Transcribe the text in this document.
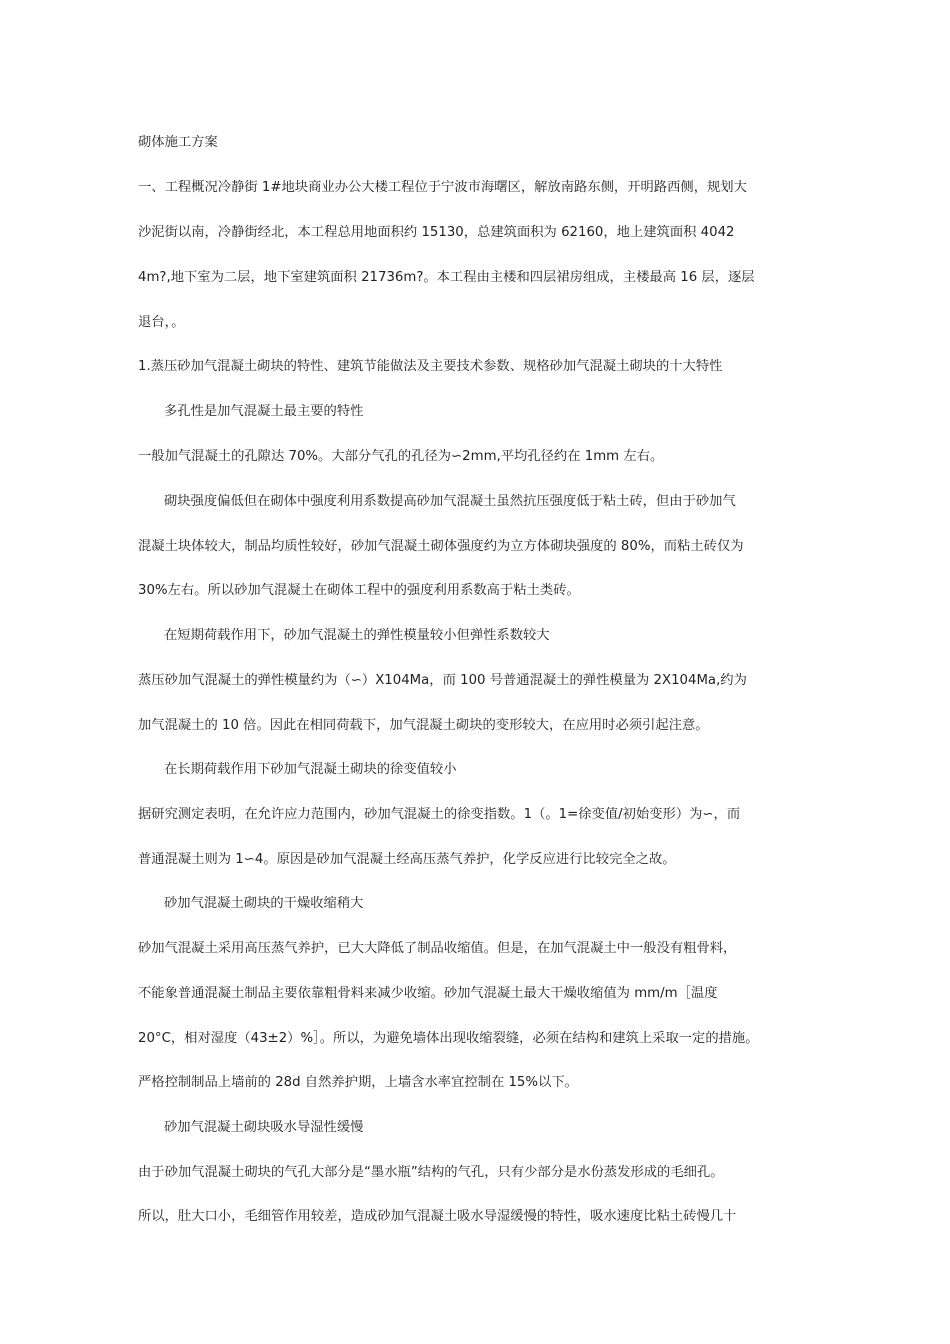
砌体施工方案
一、工程概况冷静街 1#地块商业办公大楼工程位于宁波市海曙区，解放南路东侧，开明路西侧，规划大
沙泥街以南，冷静街经北，本工程总用地面积约 15130，总建筑面积为 62160，地上建筑面积 4042
4m?,地下室为二层，地下室建筑面积 21736m?。本工程由主楼和四层裙房组成，主楼最高 16 层，逐层
退台，。
1.蒸压砂加气混凝土砌块的特性、建筑节能做法及主要技术参数、规格砂加气混凝土砌块的十大特性
多孔性是加气混凝土最主要的特性
一般加气混凝土的孔隙达 70%。大部分气孔的孔径为∽2mm,平均孔径约在 1mm 左右。
砌块强度偏低但在砌体中强度利用系数提高砂加气混凝土虽然抗压强度低于粘土砖，但由于砂加气
混凝土块体较大，制品均质性较好，砂加气混凝土砌体强度约为立方体砌块强度的 80%，而粘土砖仅为
30%左右。所以砂加气混凝土在砌体工程中的强度利用系数高于粘土类砖。
在短期荷载作用下，砂加气混凝土的弹性模量较小但弹性系数较大
蒸压砂加气混凝土的弹性模量约为（∽）X104Ma，而 100 号普通混凝土的弹性模量为 2X104Ma,约为
加气混凝土的 10 倍。因此在相同荷载下，加气混凝土砌块的变形较大，在应用时必须引起注意。
在长期荷载作用下砂加气混凝土砌块的徐变值较小
据研究测定表明，在允许应力范围内，砂加气混凝土的徐变指数。1（。1=徐变值/初始变形）为∽，而
普通混凝土则为 1∽4。原因是砂加气混凝土经高压蒸气养护，化学反应进行比较完全之故。
砂加气混凝土砌块的干燥收缩稍大
砂加气混凝土采用高压蒸气养护，已大大降低了制品收缩值。但是，在加气混凝土中一般没有粗骨料，
不能象普通混凝土制品主要依靠粗骨料来减少收缩。砂加气混凝土最大干燥收缩值为 mm/m［温度
20°C，相对湿度（43±2）%］。所以，为避免墙体出现收缩裂缝，必须在结构和建筑上采取一定的措施。
严格控制制品上墙前的 28d 自然养护期，上墙含水率宜控制在 15%以下。
砂加气混凝土砌块吸水导湿性缓慢
由于砂加气混凝土砌块的气孔大部分是“墨水瓶”结构的气孔，只有少部分是水份蒸发形成的毛细孔。
所以，肚大口小，毛细管作用较差，造成砂加气混凝土吸水导湿缓慢的特性，吸水速度比粘土砖慢几十
